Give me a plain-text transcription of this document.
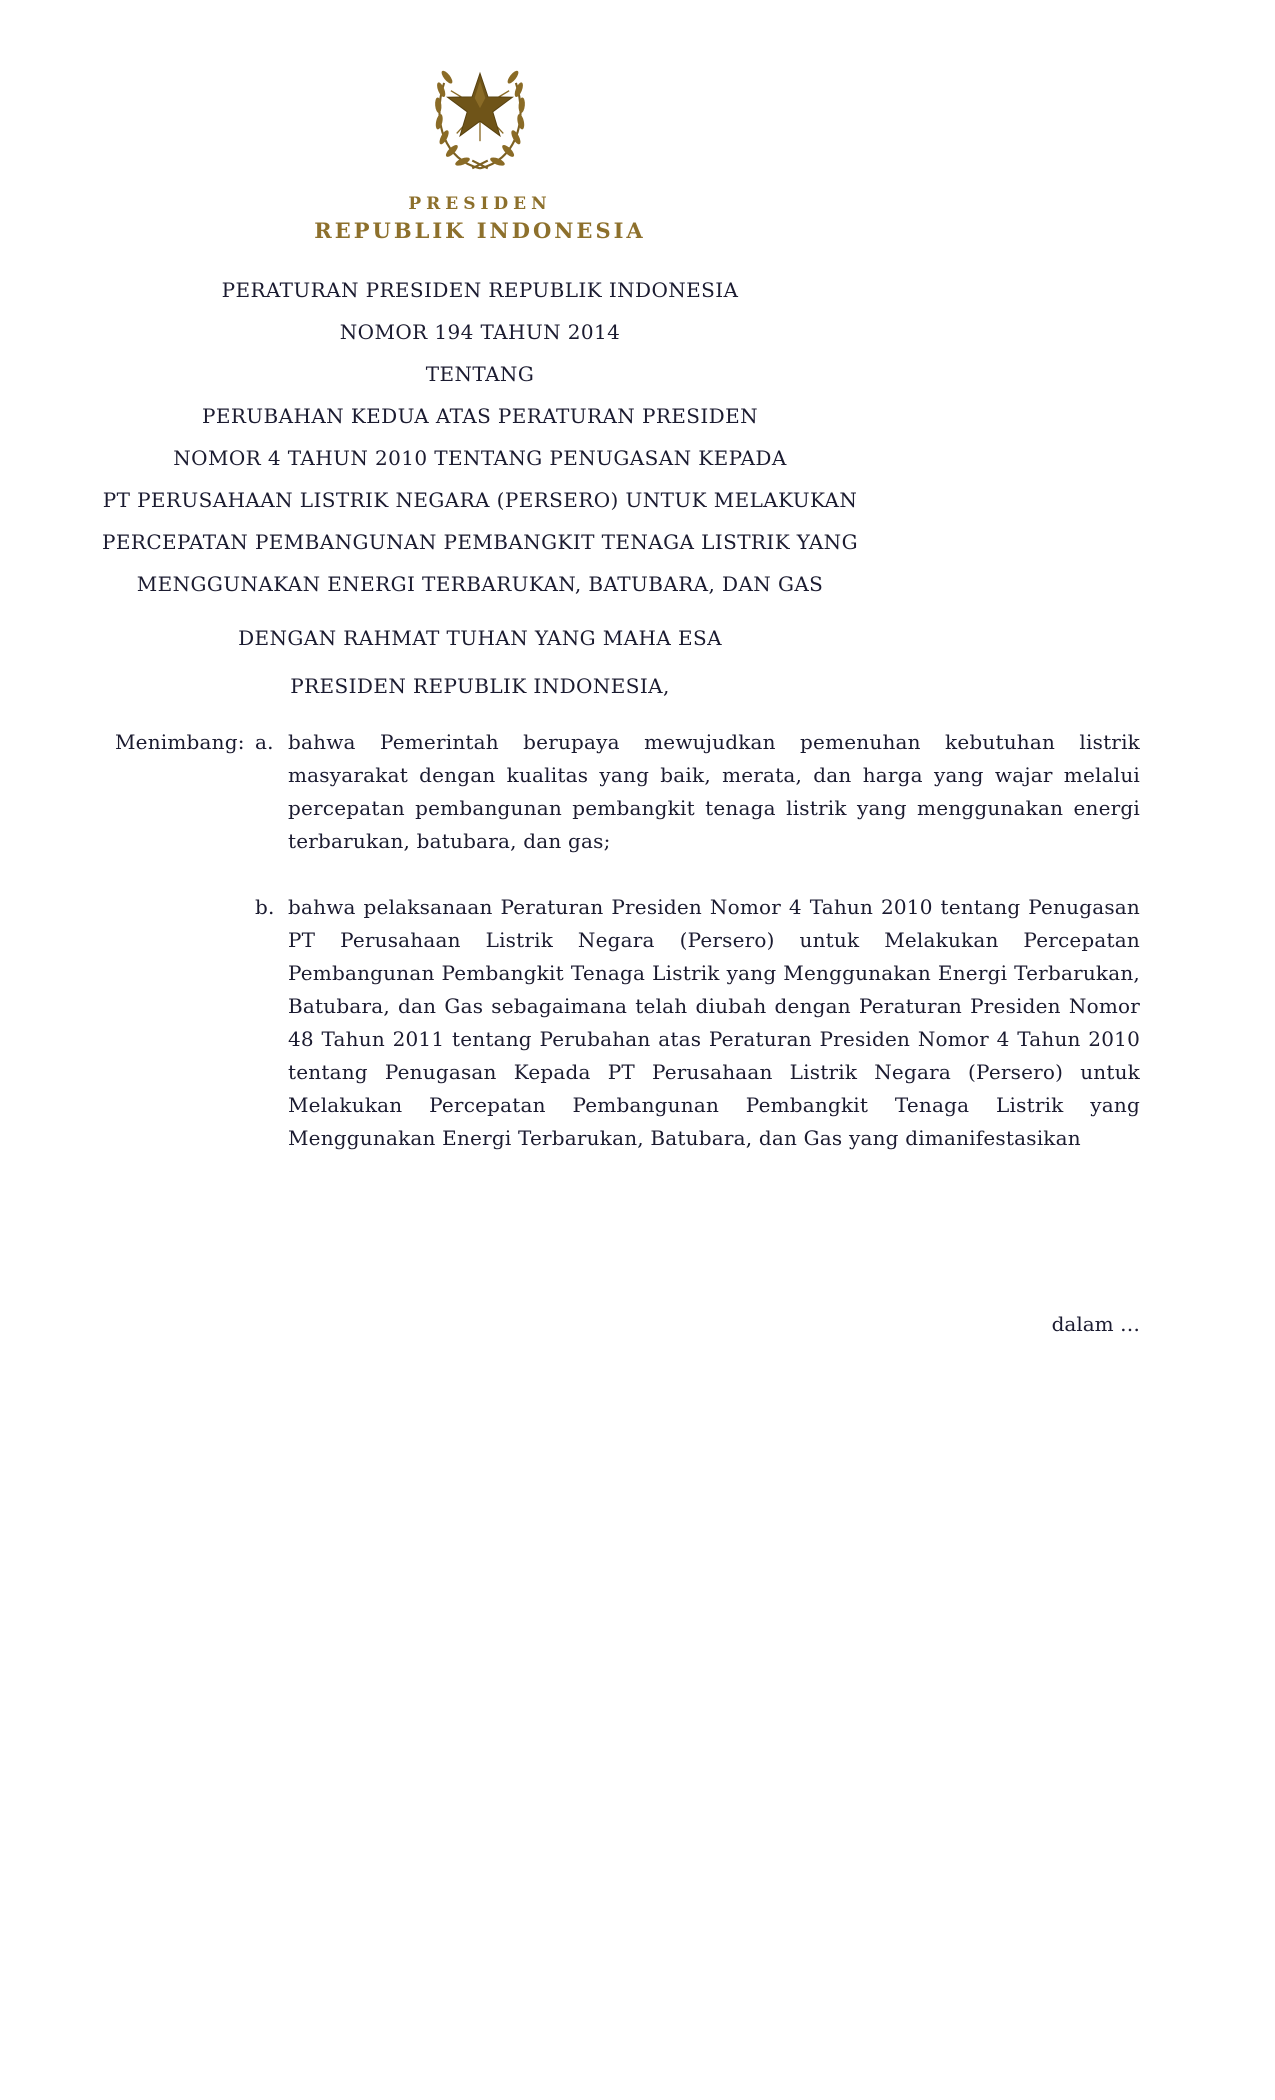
PRESIDEN
REPUBLIK INDONESIA
PERATURAN PRESIDEN REPUBLIK INDONESIA
NOMOR 194 TAHUN 2014
TENTANG
PERUBAHAN KEDUA ATAS PERATURAN PRESIDEN
NOMOR 4 TAHUN 2010 TENTANG PENUGASAN KEPADA
PT PERUSAHAAN LISTRIK NEGARA (PERSERO) UNTUK MELAKUKAN
PERCEPATAN PEMBANGUNAN PEMBANGKIT TENAGA LISTRIK YANG
MENGGUNAKAN ENERGI TERBARUKAN, BATUBARA, DAN GAS
DENGAN RAHMAT TUHAN YANG MAHA ESA
PRESIDEN REPUBLIK INDONESIA,
Menimbang: a. bahwa Pemerintah berupaya mewujudkan pemenuhan kebutuhan listrik masyarakat dengan kualitas yang baik, merata, dan harga yang wajar melalui percepatan pembangunan pembangkit tenaga listrik yang menggunakan energi terbarukan, batubara, dan gas;
b. bahwa pelaksanaan Peraturan Presiden Nomor 4 Tahun 2010 tentang Penugasan PT Perusahaan Listrik Negara (Persero) untuk Melakukan Percepatan Pembangunan Pembangkit Tenaga Listrik yang Menggunakan Energi Terbarukan, Batubara, dan Gas sebagaimana telah diubah dengan Peraturan Presiden Nomor 48 Tahun 2011 tentang Perubahan atas Peraturan Presiden Nomor 4 Tahun 2010 tentang Penugasan Kepada PT Perusahaan Listrik Negara (Persero) untuk Melakukan Percepatan Pembangunan Pembangkit Tenaga Listrik yang Menggunakan Energi Terbarukan, Batubara, dan Gas yang dimanifestasikan
dalam …
